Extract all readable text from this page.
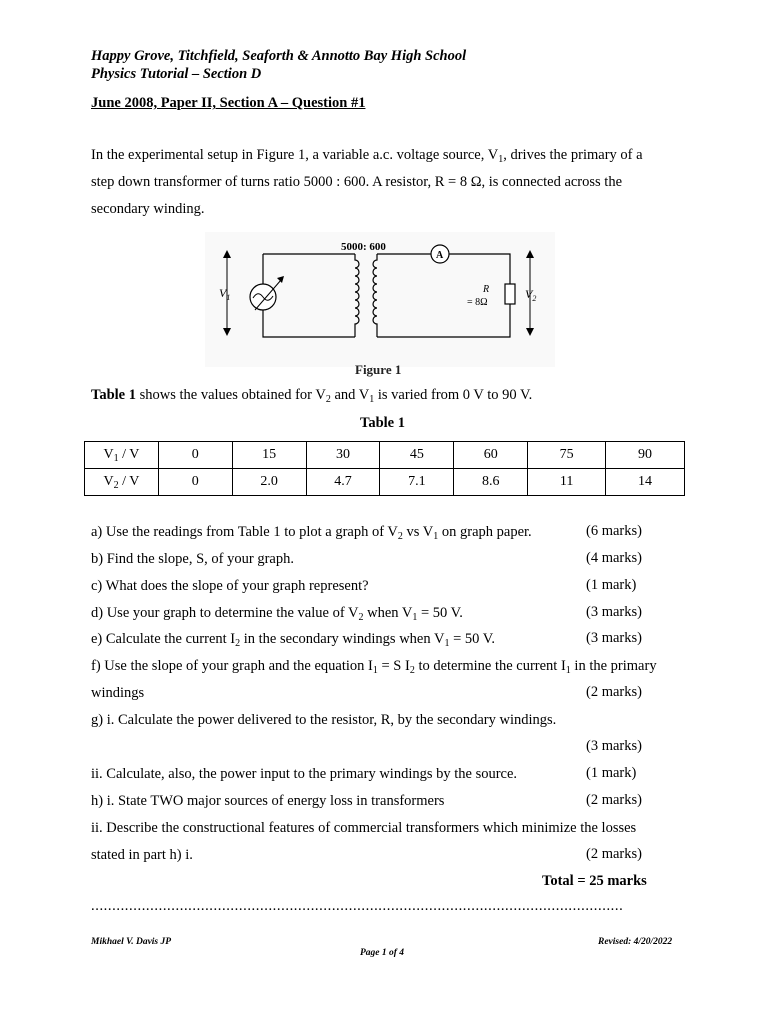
Happy Grove, Titchfield, Seaforth & Annotto Bay High School
Physics Tutorial – Section D
June 2008, Paper II, Section A – Question #1
In the experimental setup in Figure 1, a variable a.c. voltage source, $V_1$, drives the primary of a
step down transformer of turns ratio 5000 : 600. A resistor, R = 8 Ω, is connected across the
secondary winding.
$V_1$
5000: 600
A
R
= 8Ω
$V_2$
Figure 1
Table 1 shows the values obtained for $V_2$ and $V_1$ is varied from 0 V to 90 V.
Table 1
$V_1$ / V	0	15	30	45	60	75	90
$V_2$ / V	0	2.0	4.7	7.1	8.6	11	14
a) Use the readings from Table 1 to plot a graph of $V_2$ vs $V_1$ on graph paper.	(6 marks)
b) Find the slope, S, of your graph.	(4 marks)
c) What does the slope of your graph represent?	(1 mark)
d) Use your graph to determine the value of $V_2$ when $V_1 = 50$ V.	(3 marks)
e) Calculate the current $I_2$ in the secondary windings when $V_1 = 50$ V.	(3 marks)
f) Use the slope of your graph and the equation $I_1 = S$ $I_2$ to determine the current $I_1$ in the primary
windings	(2 marks)
g) i. Calculate the power delivered to the resistor, R, by the secondary windings.
(3 marks)
ii. Calculate, also, the power input to the primary windings by the source.	(1 mark)
h) i. State TWO major sources of energy loss in transformers	(2 marks)
ii. Describe the constructional features of commercial transformers which minimize the losses
stated in part h) i.	(2 marks)
Total = 25 marks
..............................................................................................................................
Mikhael V. Davis JP
Page 1 of 4
Revised: 4/20/2022
